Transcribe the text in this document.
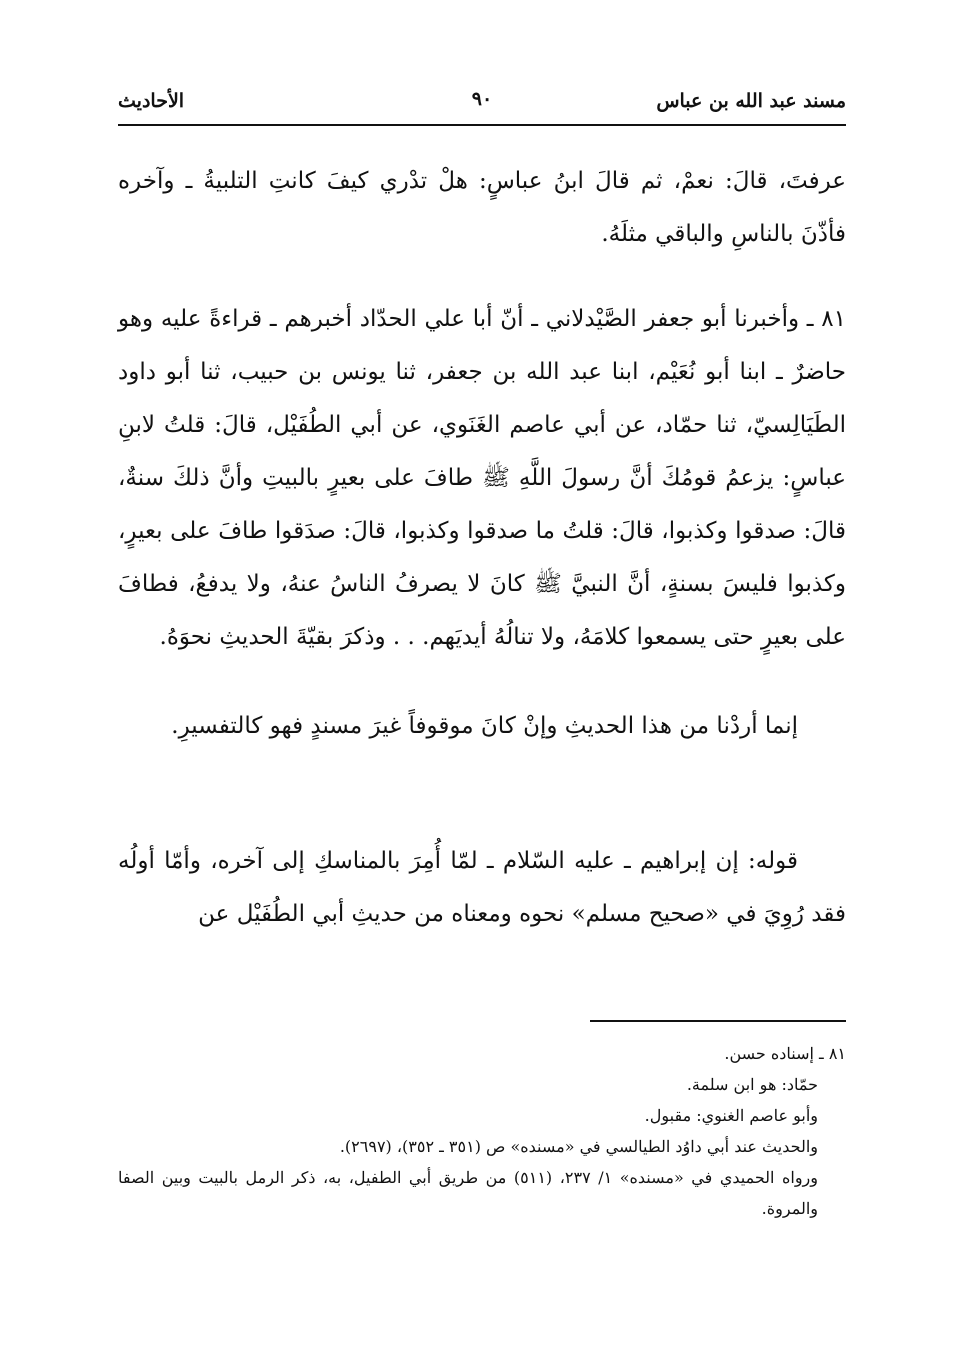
مسند عبد الله بن عباس
٩٠
الأحاديث

عرفتَ، قالَ: نعمْ، ثم قالَ ابنُ عباسٍ: هلْ تدْري كيفَ كانتِ التلبيةُ ـ وآخره فأذّنَ بالناسِ والباقي مثلَهُ.

٨١ ـ وأخبرنا أبو جعفر الصَّيْدلاني ـ أنّ أبا علي الحدّاد أخبرهم ـ قراءةً عليه وهو حاضرٌ ـ ابنا أبو نُعَيْم، ابنا عبد الله بن جعفر، ثنا يونس بن حبيب، ثنا أبو داود الطَيَالِسيّ، ثنا حمّاد، عن أبي عاصم الغَنَوي، عن أبي الطُفَيْل، قالَ: قلتُ لابنِ عباسٍ: يزعمُ قومُكَ أنَّ رسولَ اللَّهِ ﷺ طافَ على بعيرٍ بالبيتِ وأنَّ ذلكَ سنةٌ، قالَ: صدقوا وكذبوا، قالَ: قلتُ ما صدقوا وكذبوا، قالَ: صدَقوا طافَ على بعيرٍ، وكذبوا فليسَ بسنةٍ، أنَّ النبيَّ ﷺ كانَ لا يصرفُ الناسُ عنهُ، ولا يدفعُ، فطافَ على بعيرٍ حتى يسمعوا كلامَهُ، ولا تنالُهُ أيديَهم. . . وذكرَ بقيّةَ الحديثِ نحوَهُ.

إنما أردْنا من هذا الحديثِ وإنْ كانَ موقوفاً غيرَ مسندٍ فهو كالتفسيرِ.

قوله: إن إبراهيم ـ عليه السّلام ـ لمّا أُمِرَ بالمناسكِ إلى آخره، وأمّا أولُه فقد رُوِيَ في «صحيح مسلم» نحوه ومعناه من حديثِ أبي الطُفَيْل عن

٨١ ـ إسناده حسن.
حمّاد: هو ابن سلمة.
وأبو عاصم الغنوي: مقبول.
والحديث عند أبي داوُد الطيالسي في «مسنده» ص (٣٥١ ـ ٣٥٢)، (٢٦٩٧).
ورواه الحميدي في «مسنده» ١/ ٢٣٧، (٥١١) من طريق أبي الطفيل، به، ذكر الرمل بالبيت وبين الصفا والمروة.
